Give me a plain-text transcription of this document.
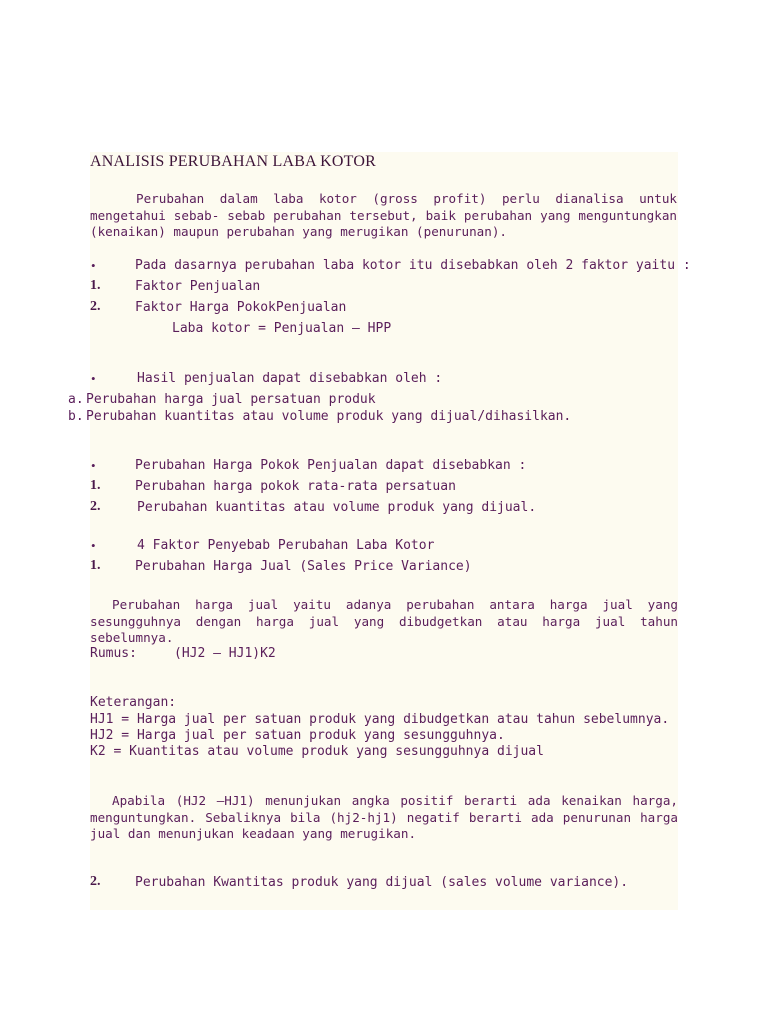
ANALISIS PERUBAHAN LABA KOTOR

Perubahan dalam laba kotor (gross profit) perlu dianalisa untuk mengetahui sebab- sebab perubahan tersebut, baik perubahan yang menguntungkan (kenaikan) maupun perubahan yang merugikan (penurunan).

•	Pada dasarnya perubahan laba kotor itu disebabkan oleh 2 faktor yaitu :
1.	Faktor Penjualan
2.	Faktor Harga PokokPenjualan
Laba kotor = Penjualan – HPP
•	Hasil penjualan dapat disebabkan oleh :
a. Perubahan harga jual persatuan produk
b. Perubahan kuantitas atau volume produk yang dijual/dihasilkan.
•	Perubahan Harga Pokok Penjualan dapat disebabkan :
1.	Perubahan harga pokok rata-rata persatuan
2.	Perubahan kuantitas atau volume produk yang dijual.
•	4 Faktor Penyebab Perubahan Laba Kotor
1.	Perubahan Harga Jual (Sales Price Variance)

Perubahan harga jual yaitu adanya perubahan antara harga jual yang sesungguhnya dengan harga jual yang dibudgetkan atau harga jual tahun sebelumnya.

Rumus:	(HJ2 – HJ1)K2
Keterangan:
HJ1 = Harga jual per satuan produk yang dibudgetkan atau tahun sebelumnya.
HJ2 = Harga jual per satuan produk yang sesungguhnya.
K2 = Kuantitas atau volume produk yang sesungguhnya dijual

Apabila (HJ2 –HJ1) menunjukan angka positif berarti ada kenaikan harga, menguntungkan. Sebaliknya bila (hj2-hj1) negatif berarti ada penurunan harga jual dan menunjukan keadaan yang merugikan.

2.	Perubahan Kwantitas produk yang dijual (sales volume variance).
